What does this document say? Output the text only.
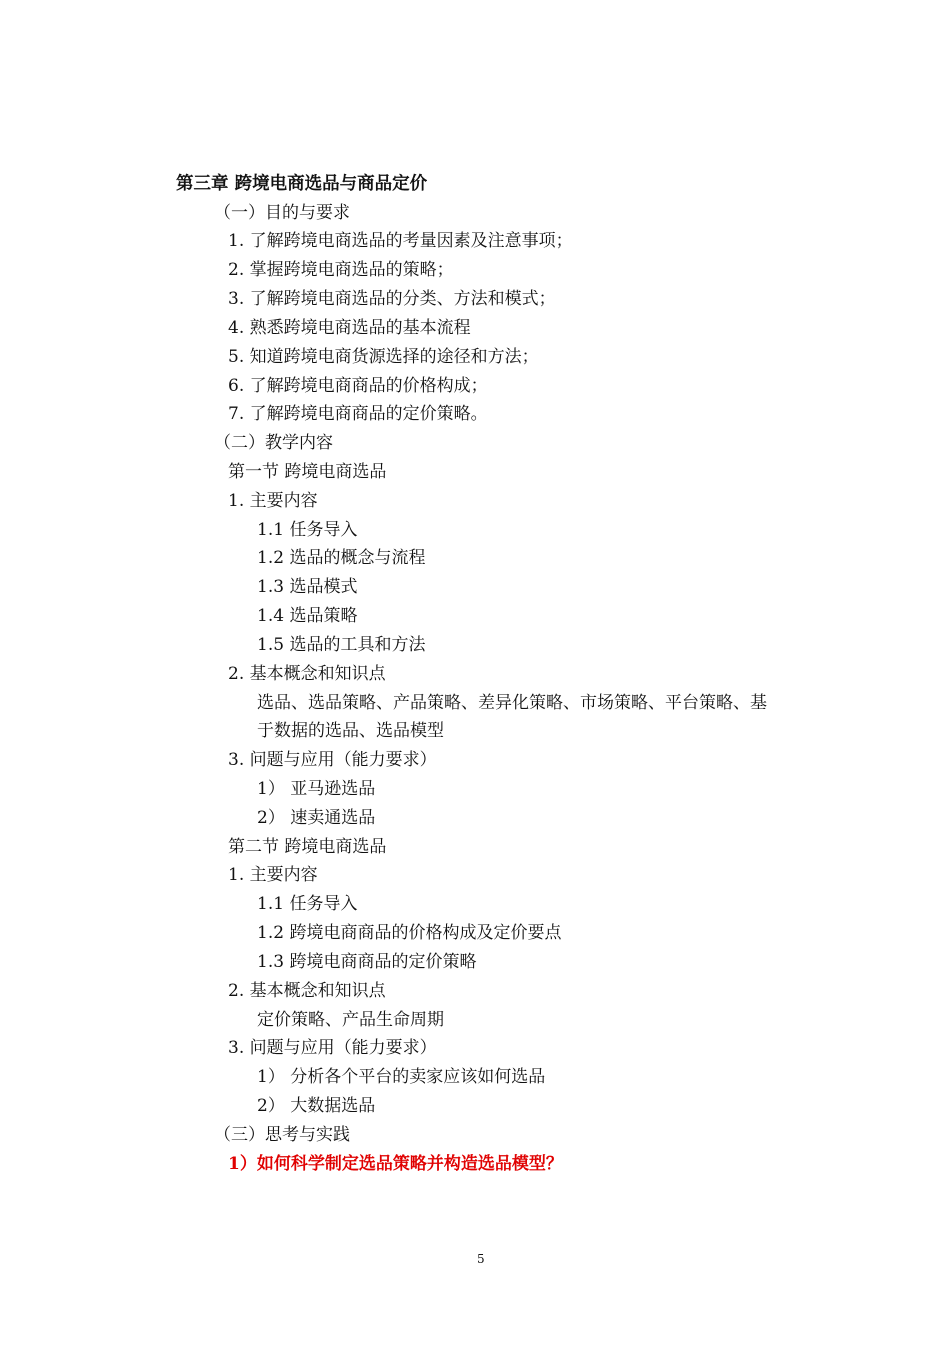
第三章 跨境电商选品与商品定价
（一）目的与要求
1. 了解跨境电商选品的考量因素及注意事项；
2. 掌握跨境电商选品的策略；
3. 了解跨境电商选品的分类、方法和模式；
4. 熟悉跨境电商选品的基本流程
5. 知道跨境电商货源选择的途径和方法；
6. 了解跨境电商商品的价格构成；
7. 了解跨境电商商品的定价策略。
（二）教学内容
第一节 跨境电商选品
1. 主要内容
1.1 任务导入
1.2 选品的概念与流程
1.3 选品模式
1.4 选品策略
1.5 选品的工具和方法
2. 基本概念和知识点
选品、选品策略、产品策略、差异化策略、市场策略、平台策略、基
于数据的选品、选品模型
3. 问题与应用（能力要求）
1） 亚马逊选品
2） 速卖通选品
第二节 跨境电商选品
1. 主要内容
1.1 任务导入
1.2 跨境电商商品的价格构成及定价要点
1.3 跨境电商商品的定价策略
2. 基本概念和知识点
定价策略、产品生命周期
3. 问题与应用（能力要求）
1） 分析各个平台的卖家应该如何选品
2） 大数据选品
（三）思考与实践
1）如何科学制定选品策略并构造选品模型？
5
